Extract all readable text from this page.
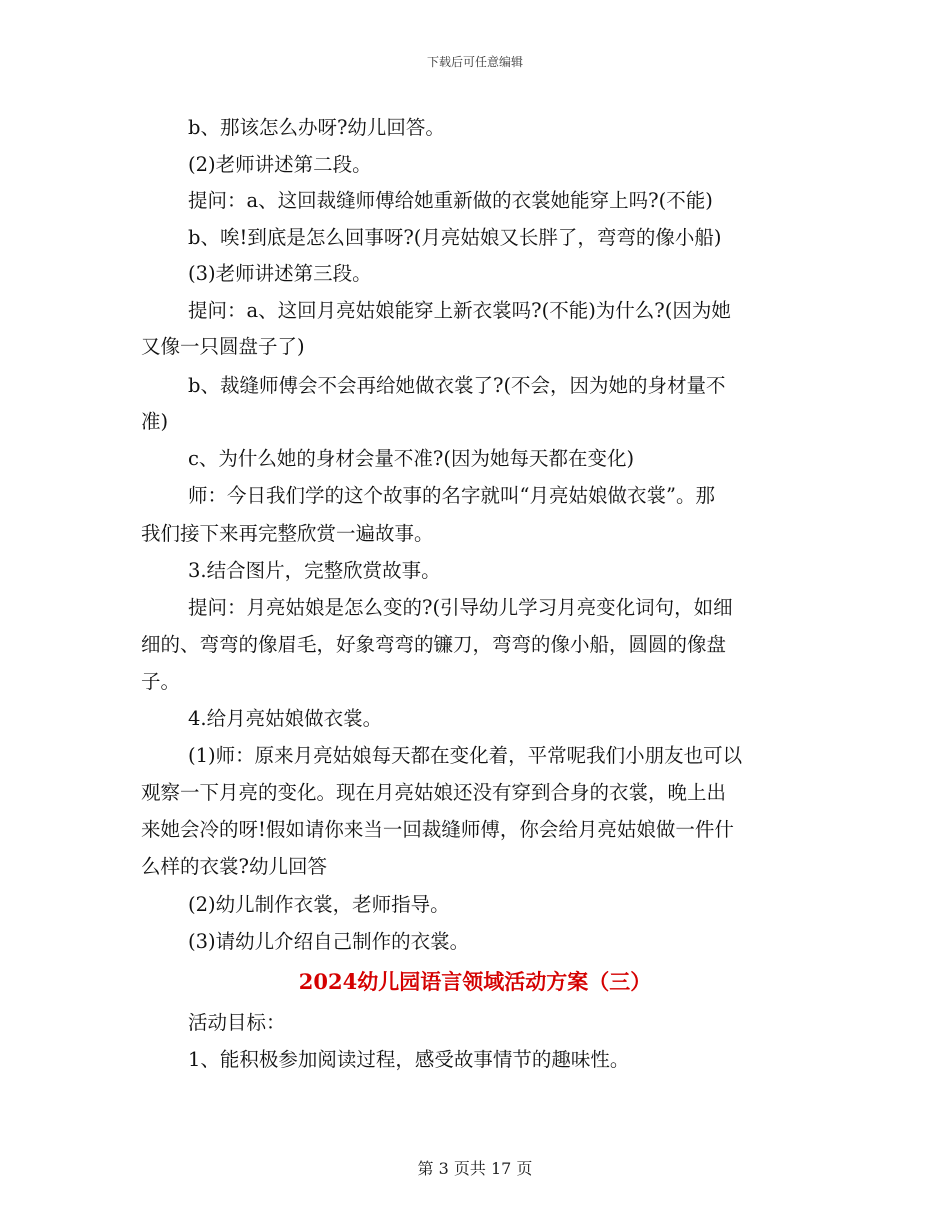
下载后可任意编辑
b、那该怎么办呀?幼儿回答。
(2)老师讲述第二段。
提问：a、这回裁缝师傅给她重新做的衣裳她能穿上吗?(不能)
b、唉!到底是怎么回事呀?(月亮姑娘又长胖了，弯弯的像小船)
(3)老师讲述第三段。
提问：a、这回月亮姑娘能穿上新衣裳吗?(不能)为什么?(因为她
又像一只圆盘子了)
b、裁缝师傅会不会再给她做衣裳了?(不会，因为她的身材量不
准)
c、为什么她的身材会量不准?(因为她每天都在变化)
师：今日我们学的这个故事的名字就叫“月亮姑娘做衣裳”。那
我们接下来再完整欣赏一遍故事。
3.结合图片，完整欣赏故事。
提问：月亮姑娘是怎么变的?(引导幼儿学习月亮变化词句，如细
细的、弯弯的像眉毛，好象弯弯的镰刀，弯弯的像小船，圆圆的像盘
子。
4.给月亮姑娘做衣裳。
(1)师：原来月亮姑娘每天都在变化着，平常呢我们小朋友也可以
观察一下月亮的变化。现在月亮姑娘还没有穿到合身的衣裳，晚上出
来她会冷的呀!假如请你来当一回裁缝师傅，你会给月亮姑娘做一件什
么样的衣裳?幼儿回答
(2)幼儿制作衣裳，老师指导。
(3)请幼儿介绍自己制作的衣裳。
2024幼儿园语言领域活动方案（三）
活动目标：
1、能积极参加阅读过程，感受故事情节的趣味性。
第 3 页共 17 页
